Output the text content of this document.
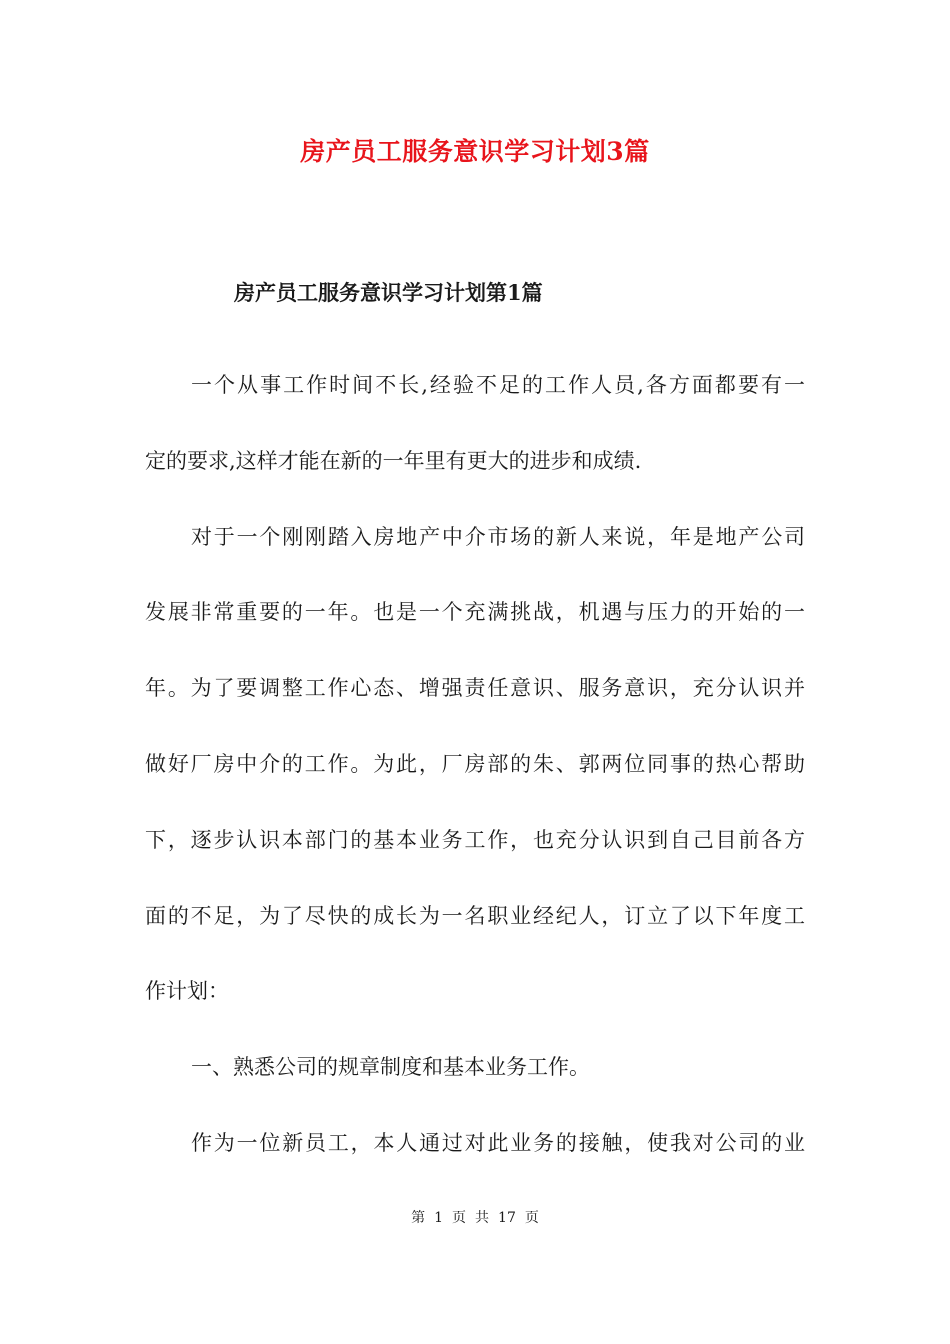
房产员工服务意识学习计划3篇
房产员工服务意识学习计划第1篇
一个从事工作时间不长,经验不足的工作人员,各方面都要有一
定的要求,这样才能在新的一年里有更大的进步和成绩.
对于一个刚刚踏入房地产中介市场的新人来说，年是地产公司
发展非常重要的一年。也是一个充满挑战，机遇与压力的开始的一
年。为了要调整工作心态、增强责任意识、服务意识，充分认识并
做好厂房中介的工作。为此，厂房部的朱、郭两位同事的热心帮助
下，逐步认识本部门的基本业务工作，也充分认识到自己目前各方
面的不足，为了尽快的成长为一名职业经纪人，订立了以下年度工
作计划：
一、熟悉公司的规章制度和基本业务工作。
作为一位新员工，本人通过对此业务的接触，使我对公司的业
第 1 页 共 17 页
